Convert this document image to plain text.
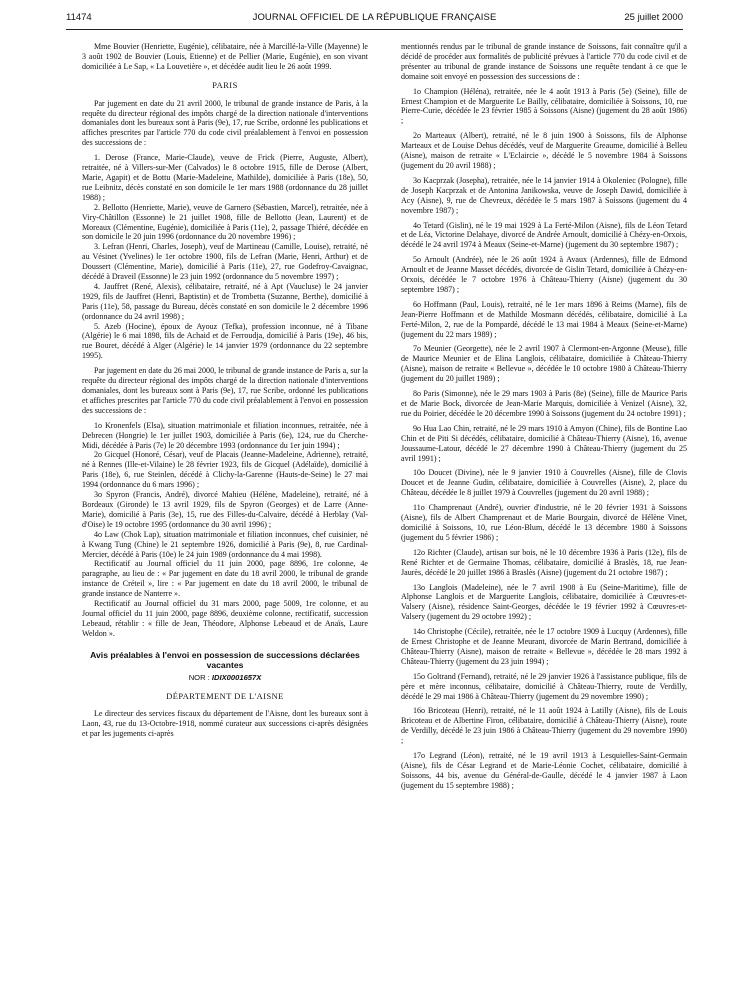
11474	JOURNAL OFFICIEL DE LA RÉPUBLIQUE FRANÇAISE	25 juillet 2000

Mme Bouvier (Henriette, Eugénie), célibataire, née à Marcillé-la-Ville (Mayenne) le 3 août 1902 de Bouvier (Louis, Etienne) et de Pellier (Marie, Eugénie), en son vivant domiciliée à Le Sap, « La Louvetière », et décédée audit lieu le 26 août 1999.

PARIS

Par jugement en date du 21 avril 2000, le tribunal de grande instance de Paris, à la requête du directeur régional des impôts chargé de la direction nationale d'interventions domaniales dont les bureaux sont à Paris (9e), 17, rue Scribe, ordonné les publications et affiches prescrites par l'article 770 du code civil préalablement à l'envoi en possession des successions de :

1. Derose (France, Marie-Claude), veuve de Frick (Pierre, Auguste, Albert), retraitée, né à Villers-sur-Mer (Calvados) le 8 octobre 1915, fille de Derose (Albert, Marie, Agapit) et de Bottu (Marie-Madeleine, Mathilde), domiciliée à Paris (18e), 50, rue Leibnitz, décès constaté en son domicile le 1er mars 1988 (ordonnance du 28 juillet 1988) ;

2. Bellotto (Henriette, Marie), veuve de Garnero (Sébastien, Marcel), retraitée, née à Viry-Châtillon (Essonne) le 21 juillet 1908, fille de Bellotto (Jean, Laurent) et de Moreaux (Clémentine, Eugénie), domiciliée à Paris (11e), 2, passage Thiéré, décédée en son domicile le 20 juin 1996 (ordonnance du 20 novembre 1996) ;

3. Lefran (Henri, Charles, Joseph), veuf de Martineau (Camille, Louise), retraité, né au Vésinet (Yvelines) le 1er octobre 1900, fils de Lefran (Marie, Henri, Arthur) et de Doussert (Clémentine, Marie), domicilié à Paris (11e), 27, rue Godefroy-Cavaignac, décédé à Draveil (Essonne) le 23 juin 1992 (ordonnance du 5 novembre 1997) ;

4. Jauffret (René, Alexis), célibataire, retraité, né à Apt (Vaucluse) le 24 janvier 1929, fils de Jauffret (Henri, Baptistin) et de Trombetta (Suzanne, Berthe), domicilié à Paris (11e), 58, passage du Bureau, décès constaté en son domicile le 2 décembre 1996 (ordonnance du 24 avril 1998) ;

5. Azeb (Hocine), époux de Ayouz (Tefka), profession inconnue, né à Tibane (Algérie) le 6 mai 1898, fils de Achaid et de Ferroudja, domicilié à Paris (19e), 46 bis, rue Bouret, décédé à Alger (Algérie) le 14 janvier 1979 (ordonnance du 22 septembre 1995).

Par jugement en date du 26 mai 2000, le tribunal de grande instance de Paris a, sur la requête du directeur régional des impôts chargé de la direction nationale d'interventions domaniales, dont les bureaux sont à Paris (9e), 17, rue Scribe, ordonné les publications et affiches prescrites par l'article 770 du code civil préalablement à l'envoi en possession des successions de :

1o Kronenfels (Elsa), situation matrimoniale et filiation inconnues, retraitée, née à Debrecen (Hongrie) le 1er juillet 1903, domiciliée à Paris (6e), 124, rue du Cherche-Midi, décédée à Paris (7e) le 20 décembre 1993 (ordonnance du 1er juin 1994) ;

2o Gicquel (Honoré, César), veuf de Placais (Jeanne-Madeleine, Adrienne), retraité, né à Rennes (Ille-et-Vilaine) le 28 février 1923, fils de Gicquel (Adélaïde), domicilié à Paris (18e), 6, rue Steinlen, décédé à Clichy-la-Garenne (Hauts-de-Seine) le 27 mai 1994 (ordonnance du 6 mars 1996) ;

3o Spyron (Francis, André), divorcé Mahieu (Hélène, Madeleine), retraité, né à Bordeaux (Gironde) le 13 avril 1929, fils de Spyron (Georges) et de Larre (Anne-Marie), domicilié à Paris (3e), 15, rue des Filles-du-Calvaire, décédé à Herblay (Val-d'Oise) le 19 octobre 1995 (ordonnance du 30 avril 1996) ;

4o Law (Chok Lap), situation matrimoniale et filiation inconnues, chef cuisinier, né à Kwang Tung (Chine) le 21 septembre 1926, domicilié à Paris (9e), 8, rue Cardinal-Mercier, décédé à Paris (10e) le 24 juin 1989 (ordonnance du 4 mai 1998).

Rectificatif au Journal officiel du 11 juin 2000, page 8896, 1re colonne, 4e paragraphe, au lieu de : « Par jugement en date du 18 avril 2000, le tribunal de grande instance de Créteil », lire : « Par jugement en date du 18 avril 2000, le tribunal de grande instance de Nanterre ».

Rectificatif au Journal officiel du 31 mars 2000, page 5009, 1re colonne, et au Journal officiel du 11 juin 2000, page 8896, deuxième colonne, rectificatif, succession Lebeaud, rétablir : « fille de Jean, Théodore, Alphonse Lebeaud et de Anaïs, Laure Weldon ».

Avis préalables à l'envoi en possession de successions déclarées vacantes

NOR : IDIX0001657X

DÉPARTEMENT DE L'AISNE

Le directeur des services fiscaux du département de l'Aisne, dont les bureaux sont à Laon, 43, rue du 13-Octobre-1918, nommé curateur aux successions ci-après désignées et par les jugements ci-après

mentionnés rendus par le tribunal de grande instance de Soissons, fait connaître qu'il a décidé de procéder aux formalités de publicité prévues à l'article 770 du code civil et de présenter au tribunal de grande instance de Soissons une requête tendant à ce que le domaine soit envoyé en possession des successions de :

1o Champion (Héléna), retraitée, née le 4 août 1913 à Paris (5e) (Seine), fille de Ernest Champion et de Marguerite Le Bailly, célibataire, domiciliée à Soissons, 10, rue Pierre-Curie, décédée le 23 février 1985 à Soissons (Aisne) (jugement du 28 août 1986) ;

2o Marteaux (Albert), retraité, né le 8 juin 1900 à Soissons, fils de Alphonse Marteaux et de Louise Dehus décédés, veuf de Marguerite Greaume, domicilié à Belleu (Aisne), maison de retraite « L'Eclaircie », décédé le 5 novembre 1984 à Soissons (jugement du 20 avril 1988) ;

3o Kacprzak (Josepha), retraitée, née le 14 janvier 1914 à Okoleniec (Pologne), fille de Joseph Kacprzak et de Antonina Janikowska, veuve de Joseph Dawid, domiciliée à Acy (Aisne), 9, rue de Chevreux, décédée le 5 mars 1987 à Soissons (jugement du 4 novembre 1987) ;

4o Tetard (Gislin), né le 19 mai 1929 à La Ferté-Milon (Aisne), fils de Léon Tetard et de Léa, Victorine Delahaye, divorcé de Andrée Arnoult, domicilié à Chézy-en-Orxois, décédé le 24 avril 1974 à Meaux (Seine-et-Marne) (jugement du 30 septembre 1987) ;

5o Arnoult (Andrée), née le 26 août 1924 à Avaux (Ardennes), fille de Edmond Arnoult et de Jeanne Masset décédés, divorcée de Gislin Tetard, domiciliée à Chézy-en-Orxois, décédée le 7 octobre 1976 à Château-Thierry (Aisne) (jugement du 30 septembre 1987) ;

6o Hoffmann (Paul, Louis), retraité, né le 1er mars 1896 à Reims (Marne), fils de Jean-Pierre Hoffmann et de Mathilde Mosmann décédés, célibataire, domicilié à La Ferté-Milon, 2, rue de la Pompardé, décédé le 13 mai 1984 à Meaux (Seine-et-Marne) (jugement du 22 mars 1989) ;

7o Meunier (Georgette), née le 2 avril 1907 à Clermont-en-Argonne (Meuse), fille de Maurice Meunier et de Elina Langlois, célibataire, domiciliée à Château-Thierry (Aisne), maison de retraite « Bellevue », décédée le 10 octobre 1980 à Château-Thierry (jugement du 20 juillet 1989) ;

8o Paris (Simonne), née le 29 mars 1903 à Paris (8e) (Seine), fille de Maurice Paris et de Marie Bock, divorcée de Jean-Marie Marquis, domiciliée à Venizel (Aisne), 32, rue du Poirier, décédée le 20 décembre 1990 à Soissons (jugement du 24 octobre 1991) ;

9o Hua Lao Chin, retraité, né le 29 mars 1910 à Amyon (Chine), fils de Bontine Lao Chin et de Piti Si décédés, célibataire, domicilié à Château-Thierry (Aisne), 16, avenue Joussaume-Latour, décédé le 27 décembre 1990 à Château-Thierry (jugement du 25 avril 1991) ;

10o Doucet (Divine), née le 9 janvier 1910 à Couvrelles (Aisne), fille de Clovis Doucet et de Jeanne Gudin, célibataire, domiciliée à Couvrelles (Aisne), 2, place du Château, décédée le 8 juillet 1979 à Couvrelles (jugement du 20 avril 1988) ;

11o Champrenaut (André), ouvrier d'industrie, né le 20 février 1931 à Soissons (Aisne), fils de Albert Champrenaut et de Marie Bourgain, divorcé de Hélène Vinet, domicilié à Soissons, 10, rue Léon-Blum, décédé le 13 décembre 1980 à Soissons (jugement du 5 février 1986) ;

12o Richter (Claude), artisan sur bois, né le 10 décembre 1936 à Paris (12e), fils de René Richter et de Germaine Thomas, célibataire, domicilié à Braslès, 18, rue Jean-Jaurès, décédé le 20 juillet 1986 à Braslès (Aisne) (jugement du 21 octobre 1987) ;

13o Langlois (Madeleine), née le 7 avril 1908 à Eu (Seine-Maritime), fille de Alphonse Langlois et de Marguerite Langlois, célibataire, domiciliée à Cœuvres-et-Valsery (Aisne), résidence Saint-Georges, décédée le 19 février 1992 à Cœuvres-et-Valsery (jugement du 29 octobre 1992) ;

14o Christophe (Cécile), retraitée, née le 17 octobre 1909 à Lucquy (Ardennes), fille de Ernest Christophe et de Jeanne Meurant, divorcée de Marin Bertrand, domiciliée à Château-Thierry (Aisne), maison de retraite « Bellevue », décédée le 28 mars 1992 à Château-Thierry (jugement du 23 juin 1994) ;

15o Goltrand (Fernand), retraité, né le 29 janvier 1926 à l'assistance publique, fils de père et mère inconnus, célibataire, domicilié à Château-Thierry, route de Verdilly, décédé le 29 mai 1986 à Château-Thierry (jugement du 29 novembre 1990) ;

16o Bricoteau (Henri), retraité, né le 11 août 1924 à Latilly (Aisne), fils de Louis Bricoteau et de Albertine Firon, célibataire, domicilié à Château-Thierry (Aisne), route de Verdilly, décédé le 23 juin 1986 à Château-Thierry (jugement du 29 novembre 1990) ;

17o Legrand (Léon), retraité, né le 19 avril 1913 à Lesquielles-Saint-Germain (Aisne), fils de César Legrand et de Marie-Léonie Cochet, célibataire, domicilié à Soissons, 44 bis, avenue du Général-de-Gaulle, décédé le 4 janvier 1987 à Laon (jugement du 15 septembre 1988) ;
